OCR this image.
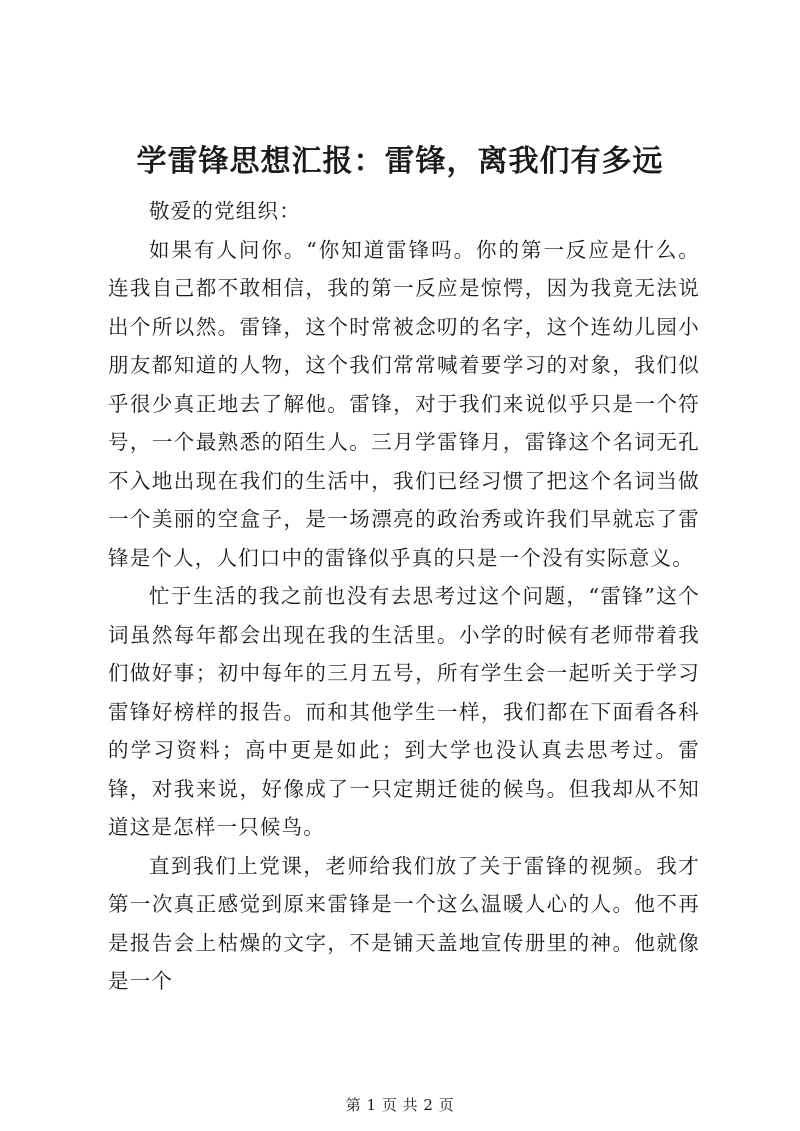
学雷锋思想汇报：雷锋，离我们有多远

敬爱的党组织：

如果有人问你。“你知道雷锋吗。你的第一反应是什么。连我自己都不敢相信，我的第一反应是惊愕，因为我竟无法说出个所以然。雷锋，这个时常被念叨的名字，这个连幼儿园小朋友都知道的人物，这个我们常常喊着要学习的对象，我们似乎很少真正地去了解他。雷锋，对于我们来说似乎只是一个符号，一个最熟悉的陌生人。三月学雷锋月，雷锋这个名词无孔不入地出现在我们的生活中，我们已经习惯了把这个名词当做一个美丽的空盒子，是一场漂亮的政治秀或许我们早就忘了雷锋是个人，人们口中的雷锋似乎真的只是一个没有实际意义。

忙于生活的我之前也没有去思考过这个问题，“雷锋”这个词虽然每年都会出现在我的生活里。小学的时候有老师带着我们做好事；初中每年的三月五号，所有学生会一起听关于学习雷锋好榜样的报告。而和其他学生一样，我们都在下面看各科的学习资料；高中更是如此；到大学也没认真去思考过。雷锋，对我来说，好像成了一只定期迁徙的候鸟。但我却从不知道这是怎样一只候鸟。

直到我们上党课，老师给我们放了关于雷锋的视频。我才第一次真正感觉到原来雷锋是一个这么温暖人心的人。他不再是报告会上枯燥的文字，不是铺天盖地宣传册里的神。他就像是一个

第 1 页 共 2 页
